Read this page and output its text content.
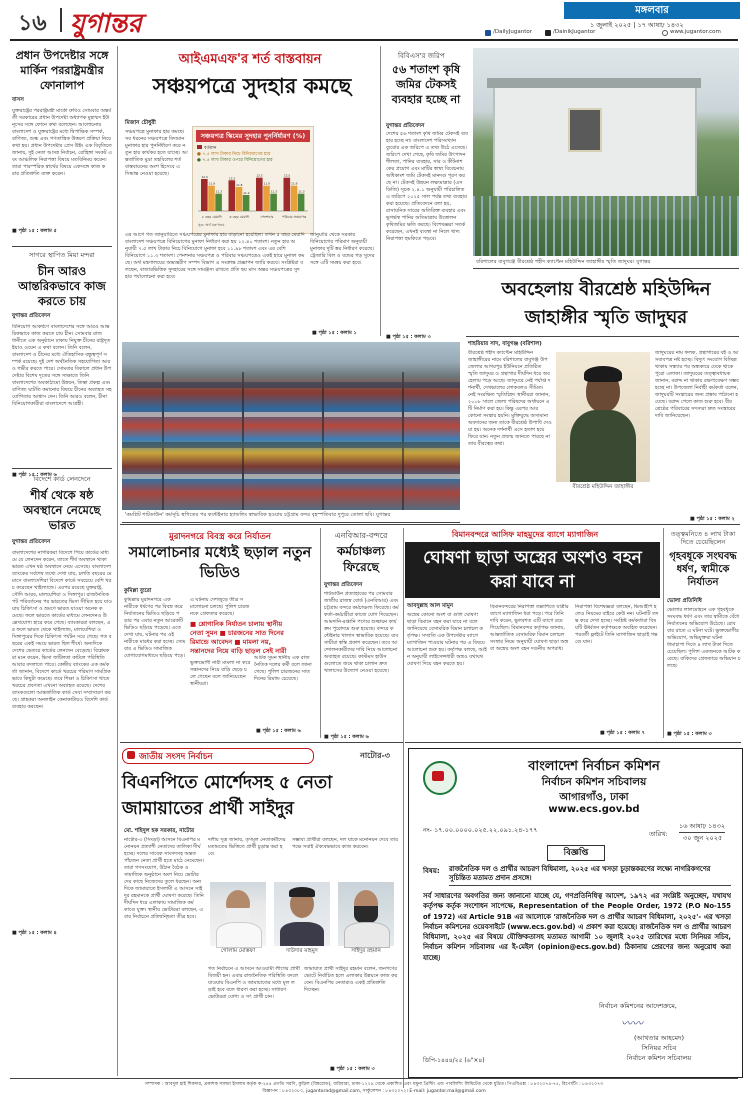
১৬ যুগান্তর	মঙ্গলবার
১ জুলাই ২০২৫ | ১৭ আষাঢ় ১৪৩২
/DailyJugantor	/DainikJugantor	www.jugantor.com
প্রধান উপদেষ্টার সঙ্গে মার্কিন পররাষ্ট্রমন্ত্রীর ফোনালাপ
বাসস
যুক্তরাষ্ট্রের পররাষ্ট্রমন্ত্রী মার্কো রুবিও সোমবার অন্তর্বর্তী সরকারের প্রধান উপদেষ্টা অধ্যাপক মুহাম্মদ ইউনূসের সঙ্গে ফোনে কথা বলেছেন। আলোচনায় বাংলাদেশ ও যুক্তরাষ্ট্রের মধ্যে দ্বিপাক্ষিক সম্পর্ক, বাণিজ্য, শুল্ক এবং গণতান্ত্রিক উত্তরণ প্রক্রিয়া নিয়ে কথা হয়। প্রধান উপদেষ্টার প্রেস উইং এক বিবৃতিতে জানায়, দুই নেতা আসন্ন নির্বাচন, রোহিঙ্গা সংকট এবং আঞ্চলিক নিরাপত্তা বিষয়ে মতবিনিময় করেন। তারা পারস্পরিক স্বার্থের বিষয়ে একসঙ্গে কাজ করার প্রতিশ্রুতি ব্যক্ত করেন।
■ পৃষ্ঠা ১৫ : কলাম ৫
সাগরে স্থাপিত মিয়া মন্দরা
চীন আরও আন্তরিকভাবে কাজ করতে চায়
যুগান্তর প্রতিবেদন
বিনিয়োগ আকর্ষণে বাংলাদেশের সঙ্গে আরও আন্তরিকভাবে কাজ করতে চায় চীন। সোমবার রাজধানীতে এক অনুষ্ঠানে ঢাকায় নিযুক্ত চীনের রাষ্ট্রদূত ইয়াও ওয়েন এ কথা বলেন। তিনি বলেন, বাংলাদেশ ও চীনের মধ্যে ঐতিহাসিক বন্ধুত্বপূর্ণ সম্পর্ক রয়েছে। দুই দেশ অর্থনৈতিক সহযোগিতা আরও গভীর করতে পারে। সোমবার বিকালে প্রধান উপদেষ্টার বিশেষ দূতের সঙ্গে সাক্ষাতে তিনি বাংলাদেশের অবকাঠামো উন্নয়ন, তিস্তা প্রকল্প এবং বাণিজ্য ঘাটতি কমানোর বিষয়ে চীনের অব্যাহত সহযোগিতার আশ্বাস দেন। তিনি আরও বলেন, চীনা বিনিয়োগকারীরা বাংলাদেশে আগ্রহী।
■ পৃষ্ঠা ১৫ : কলাম ৬
বিদেশে কার্ড লেনদেনে
শীর্ষ থেকে ষষ্ঠ অবস্থানে নেমেছে ভারত
যুগান্তর প্রতিবেদন
বাংলাদেশের নাগরিকরা বিদেশে গিয়ে কার্ডের মাধ্যমে যে লেনদেন করেন, তাতে শীর্ষ অবস্থানে থাকা ভারত এখন ষষ্ঠ অবস্থানে নেমে এসেছে। বাংলাদেশ ব্যাংকের সর্বশেষ তথ্যে দেখা যায়, চলতি বছরের মে মাসে বাংলাদেশিরা বিদেশে কার্ডে সবচেয়ে বেশি খরচ করেছেন থাইল্যান্ডে। এরপর রয়েছে যুক্তরাষ্ট্র, সৌদি আরব, মালয়েশিয়া ও সিঙ্গাপুর। রাজনৈতিক পট পরিবর্তনের পর ভারতের ভিসা সীমিত হয়ে যাওয়ায় চিকিৎসা ও ভ্রমণে ভারত যাওয়া অনেক কমেছে। ফলে ভারতে কার্ডের মাধ্যমে লেনদেনও উল্লেখযোগ্য হারে কমে গেছে। ব্যাংকাররা বলছেন, এর ফলে ভারত থেকে থাইল্যান্ড, মালয়েশিয়া ও সিঙ্গাপুরের দিকে চিকিৎসা পর্যটন সরে গেছে। গত বছরের একই সময়ে ভারত ছিল শীর্ষে। অন্যদিকে দেশের ভেতরে কার্ডের লেনদেন বেড়েছে। বিশ্লেষকরা মনে করেন, ভিসা জটিলতা কাটলে পরিস্থিতি আবার বদলাতে পারে। কেন্দ্রীয় ব্যাংকের এক কর্মকর্তা জানান, বিদেশে কার্ডে খরচের পরিমাণ সামগ্রিকভাবে কিছুটা কমেছে। তবে শিক্ষা ও চিকিৎসা খাতে খরচের প্রবণতা এখনো অব্যাহত রয়েছে। দেশের ব্যাংকগুলো আন্তর্জাতিক কার্ড সেবা সম্প্রসারণ করছে। গ্রাহকরা অনলাইন কেনাকাটায়ও বিদেশি কার্ড ব্যবহার করছেন।
■ পৃষ্ঠা ১৫ : কলাম ৪
আইএমএফ'র শর্ত বাস্তবায়ন
সঞ্চয়পত্রে সুদহার কমছে
মিজান চৌধুরী
সঞ্চয়পত্রে মুনাফার হার কমছে। সব ধরনের সঞ্চয়পত্রে বিদ্যমান মুনাফার হার পুনর্নির্ধারণ করে নতুন হার কার্যকর হতে যাচ্ছে। আন্তর্জাতিক মুদ্রা তহবিলের শর্ত বাস্তবায়নের অংশ হিসেবে এ সিদ্ধান্ত নেওয়া হয়েছে।
সঞ্চয়পত্র স্কিমের সুদহার পুনর্নির্ধারণ (%)
বর্তমান
● ৭.৫ লাখ টাকার নিচে বিনিয়োগের হার
● ৭.৫ লাখ টাকার ওপরে বিনিয়োগের হার
12.4
11.9
11.3
৫ বছর মেয়াদি
12.3
11.8
11.2
৩ বছর মেয়াদি
12.5
11.9
11.3
পেনশনার
12.5
11.9
11.3
পরিবার সঞ্চয়পত্র
সূত্র: অর্থ মন্ত্রণালয়
এর আগে গত জানুয়ারিতে সঞ্চয়পত্রের মুনাফার হার বাড়ানো হয়েছিল। তখন ৫ বছর মেয়াদি বাংলাদেশ সঞ্চয়পত্রে বিনিয়োগের মুনাফা নির্ধারণ করা হয় ১২.৪০ শতাংশ। নতুন হার অনুযায়ী ৭.৫ লাখ টাকার নিচে বিনিয়োগে মুনাফা হবে ১১.৯৮ শতাংশ এবং এর বেশি বিনিয়োগে ১১.৩ শতাংশ। পেনশনার সঞ্চয়পত্র ও পরিবার সঞ্চয়পত্রেও একই হারে মুনাফা কমছে। অর্থ মন্ত্রণালয়ের অভ্যন্তরীণ সম্পদ বিভাগ এ সংক্রান্ত প্রজ্ঞাপন জারি করবে। সংশ্লিষ্টরা বলছেন, বাজারভিত্তিক সুদহারের সঙ্গে সামঞ্জস্য রাখতে প্রতি ছয় মাস অন্তর সঞ্চয়পত্রের সুদহার পর্যালোচনা করা হবে।
জানুয়ারি থেকে সরকার বিনিয়োগের পরিমাণ অনুযায়ী মুনাফার দুটি স্তর নির্ধারণ করেছে। ট্রেজারি বিল ও বন্ডের গড় সুদের সঙ্গে এটি সমন্বয় করা হবে।
■ পৃষ্ঠা ১৫ : কলাম ১
'কমপ্লিট শাটডাউন' কর্মসূচি স্থগিতের পর কন্টেইনার হ্যান্ডলিং স্বাভাবিক হওয়ায় চট্টগ্রাম বন্দর বৃহস্পতিবার দুপুরে তোলা ছবি। যুগান্তর
বিবিএস'র জরিপ
৫৬ শতাংশ কৃষি জমির টেকসই ব্যবহার হচ্ছে না
যুগান্তর প্রতিবেদন
দেশের ৫৬ শতাংশ কৃষি জমির টেকসই ব্যবহার হচ্ছে না। বাংলাদেশ পরিসংখ্যান ব্যুরোর এক জরিপে এ তথ্য উঠে এসেছে। জরিপে দেখা গেছে, কৃষি জমির উৎপাদনশীলতা, পানির ব্যবহার, সার ও কীটনাশকের প্রয়োগ এবং মাটির স্বাস্থ্য বিবেচনায় অধিকাংশ জমি টেকসই মানদণ্ড পূরণ করছে না। টেকসই উন্নয়ন লক্ষ্যমাত্রার (এসডিজি) সূচক ২.৪.১ অনুযায়ী পরিচালিত এ জরিপে ২০২৫ সাল পর্যন্ত তথ্য ব্যবহার করা হয়েছে। প্রতিবেদনে বলা হয়, রাসায়নিক সারের অতিরিক্ত ব্যবহার এবং ভূগর্ভস্থ পানির অতিমাত্রায় উত্তোলন কৃষিজমির ক্ষতি করছে। বিশেষজ্ঞরা সতর্ক করেছেন, এখনই ব্যবস্থা না নিলে খাদ্য নিরাপত্তা হুমকিতে পড়বে।
■ পৃষ্ঠা ১৫ : কলাম ৩
বরিশালের বাবুগঞ্জে বীরশ্রেষ্ঠ শহীদ ক্যাপ্টেন মহিউদ্দিন জাহাঙ্গীর স্মৃতি জাদুঘর। যুগান্তর
অবহেলায় বীরশ্রেষ্ঠ মহিউদ্দিন জাহাঙ্গীর স্মৃতি জাদুঘর
শাহরিয়ার সাদ, বাবুগঞ্জ (বরিশাল)
বীরশ্রেষ্ঠ শহীদ ক্যাপ্টেন মহিউদ্দিন জাহাঙ্গীরের নামে বরিশালের বাবুগঞ্জ উপজেলার আগরপুর ইউনিয়নে প্রতিষ্ঠিত স্মৃতি জাদুঘর ও গ্রন্থাগার দীর্ঘদিন ধরে অবহেলায় পড়ে আছে। জাদুঘরে নেই পর্যাপ্ত দর্শনার্থী, দেখভালের লোকবলও সীমিত। নেই সংরক্ষিত স্মৃতিচিহ্ন। স্থানীয়রা জানান, ২০০৮ সালে জেলা পরিষদের অর্থায়নে এটি নির্মাণ করা হয়। কিন্তু এরপর আর কোনো সংস্কার হয়নি। মুক্তিযুদ্ধে অসামান্য অবদানের জন্য তাকে বীরশ্রেষ্ঠ উপাধি দেওয়া হয়। অনেক দর্শনার্থী এসে হতাশ হয়ে ফিরে যান। নতুন প্রজন্ম জানতে পারছে না তার বীরত্বের কথা।
বীরশ্রেষ্ঠ মহিউদ্দিন জাহাঙ্গীর
জাদুঘরের নাম ফলক, গ্রন্থাগারের বই ও আসবাবপত্র নষ্ট হচ্ছে। বিদ্যুৎ সংযোগ বিচ্ছিন্ন থাকায় সন্ধ্যার পর অন্ধকারে ঢেকে থাকে পুরো এলাকা। জাদুঘরের তত্ত্বাবধায়ক জানান, বরাদ্দ না থাকায় রক্ষণাবেক্ষণ সম্ভব হচ্ছে না। উপজেলা নির্বাহী কর্মকর্তা বলেন, জাদুঘরটি সংস্কারের জন্য প্রস্তাব পাঠানো হয়েছে। বরাদ্দ পেলে কাজ শুরু হবে। বীরশ্রেষ্ঠের পরিবারের সদস্যরা দ্রুত সংস্কারের দাবি জানিয়েছেন।
■ পৃষ্ঠা ১৫ : কলাম ২
মুরাদনগরে বিবস্ত্র করে নির্যাতন
সমালোচনার মধ্যেই ছড়াল নতুন ভিডিও
কুমিল্লা ব্যুরো
কুমিল্লার মুরাদনগরে এক নারীকে ধর্ষণের পর বিবস্ত্র করে নির্যাতনের ভিডিও ছড়িয়ে পড়ার পর এবার নতুন আরেকটি ভিডিও ছড়িয়ে পড়েছে। এতে দেখা যায়, ঘটনার পর ওই নারীকে মারধর করা হচ্ছে। সোমবার এ ভিডিও সামাজিক যোগাযোগমাধ্যমে ছড়িয়ে পড়ে।
এ ঘটনায় দেশজুড়ে তীব্র সমালোচনা চলছে। পুলিশ চারজনকে গ্রেফতার করেছে।
■ শ্লোগানিক নির্যাতন চালায় স্থানীয়
নেতা সুমন ■ চারজনের সাত দিনের
রিমান্ডে আবেদন ■ মামলা নয়,
সন্তানদের নিয়ে বাড়ি ছাড়ল সেই নারী
আটক সুমন স্থানীয় এক রাজনৈতিক দলের কর্মী বলে জানা গেছে। পুলিশ চারজনের সাত দিনের রিমান্ড চেয়েছে।
ভুক্তভোগী নারী মামলা না করে সন্তানদের নিয়ে বাড়ি ছেড়ে চলে গেছেন বলে জানিয়েছেন স্থানীয়রা।
■ পৃষ্ঠা ১৫ : কলাম ৬
এনবিআর-বন্দরে
কর্মচাঞ্চল্য ফিরেছে
যুগান্তর প্রতিবেদন
শাটডাউন প্রত্যাহারের পর সোমবার জাতীয় রাজস্ব বোর্ড (এনবিআর) এবং চট্টগ্রাম বন্দরে কর্মচাঞ্চল্য ফিরেছে। কর্মকর্তা-কর্মচারীরা কাজে যোগ দিয়েছেন। আমদানি-রপ্তানি পণ্যের শুল্কায়ন কার্যক্রম পুরোদমে শুরু হয়েছে। বন্দরে কন্টেইনার খালাস স্বাভাবিক হয়েছে। ব্যবসায়ীরা স্বস্তি প্রকাশ করেছেন। তবে আন্দোলনকারীদের দাবি নিয়ে আলোচনা অব্যাহত রয়েছে। কাস্টমস হাউসগুলোতে জমে থাকা চালান দ্রুত খালাসের উদ্যোগ নেওয়া হয়েছে।
■ পৃষ্ঠা ১৫ : কলাম ৬
বিমানবন্দরে আসিফ মাহমুদের ব্যাগে ম্যাগাজিন
ঘোষণা ছাড়া অস্ত্রের অংশও বহন করা যাবে না
আবদুল্লাহ আল মামুন
অস্ত্রের কোনো অংশ বা গুলি ঘোষণা ছাড়া বিমানে বহন করা যাবে না বলে জানিয়েছে বেসামরিক বিমান চলাচল কর্তৃপক্ষ। সম্প্রতি এক উপদেষ্টার ব্যাগে ম্যাগাজিন পাওয়ার ঘটনার পর এ বিষয়ে আলোচনা শুরু হয়। কর্তৃপক্ষ বলছে, আইন অনুযায়ী লাইসেন্সধারী অস্ত্রও যথাযথ ঘোষণা দিয়ে বহন করতে হয়।
বিমানবন্দরের নিরাপত্তা তল্লাশিতে যাত্রীর ব্যাগে ম্যাগাজিন ধরা পড়ে। পরে তিনি দাবি করেন, ভুলবশত এটি ব্যাগে রয়ে গিয়েছিল। বিমানবন্দর কর্তৃপক্ষ জানায়, আন্তর্জাতিক বেসামরিক বিমান চলাচল সংস্থার নিয়ম অনুযায়ী ঘোষণা ছাড়া অস্ত্র বা অস্ত্রের অংশ বহন দণ্ডনীয় অপরাধ।
নিরাপত্তা বিশেষজ্ঞরা বলছেন, ভিআইপি হলেও নিয়মের বাইরে কেউ নন। ঘটনাটি তদন্ত করে দেখা হচ্ছে। সংশ্লিষ্ট কর্মকর্তারা বিষয়টি ঊর্ধ্বতন কর্তৃপক্ষকে অবহিত করেছেন। পরবর্তী ফ্লাইটে তিনি ম্যাগাজিন ছাড়াই গন্তব্যে যান।
■ পৃষ্ঠা ১৫ : কলাম ৭
তত্ত্বমনিতে ৪ লাখ টাকা দিতে চেয়েছিলেন
গৃহবধূকে সংঘবদ্ধ ধর্ষণ, স্বামীকে নির্যাতন
ভোলা প্রতিনিধি
ভোলার লালমোহনে এক গৃহবধূকে সংঘবদ্ধ ধর্ষণ এবং তার স্বামীকে বেঁধে নির্যাতনের অভিযোগ উঠেছে। রোববার রাতে এ ঘটনা ঘটে। ভুক্তভোগীর অভিযোগ, অভিযুক্তরা ঘটনা ধামাচাপা দিতে ৪ লাখ টাকা দিতে চেয়েছিল। পুলিশ একজনকে আটক করেছে। বাকিদের গ্রেফতারে অভিযান চলছে।
■ পৃষ্ঠা ১৫ : কলাম ৩
জাতীয় সংসদ নির্বাচন	নাটোর-৩
বিএনপিতে মোর্শেদসহ ৫ নেতা জামায়াতের প্রার্থী সাইদুর
মো. শহিদুল হক সরকার, নাটোর
নাটোর-৩ (সিংড়া) আসনে বিএনপির মনোনয়ন প্রত্যাশী নেতাদের তালিকা দীর্ঘ হচ্ছে। দলের সাবেক সাংসদসহ অন্তত পাঁচজন নেতা প্রার্থী হতে মাঠে নেমেছেন। তারা গণসংযোগ, উঠান বৈঠক ও সামাজিক অনুষ্ঠানে অংশ নিয়ে ভোটারদের কাছে নিজেদের তুলে ধরছেন। অন্যদিকে জামায়াতে ইসলামী এ আসনে সাইদুর রহমানকে প্রার্থী ঘোষণা করেছে। তিনি দীর্ঘদিন ধরে এলাকায় সামাজিক কর্মকাণ্ডে যুক্ত। স্থানীয় ভোটাররা বলছেন, এবার নির্বাচনে প্রতিদ্বন্দ্বিতা তীব্র হবে।
দলীয় সূত্র জানায়, তৃণমূল নেতাকর্মীদের মতামতের ভিত্তিতে প্রার্থী চূড়ান্ত করা হবে।
সম্ভাব্য প্রার্থীরা বলছেন, দল যাকে মনোনয়ন দেবে তার পক্ষে সবাই ঐক্যবদ্ধভাবে কাজ করবেন।
গোলাম মোস্তফা	দাউদার মাহমুদ	সাইদুর রহমান
গত নির্বাচনে এ আসনে আওয়ামী লীগের প্রার্থী বিজয়ী হন। এবার রাজনৈতিক পরিস্থিতি বদলে যাওয়ায় বিএনপি ও জামায়াতের মধ্যে মূল লড়াই হবে বলে ধারণা করা হচ্ছে। সাধারণ ভোটাররা যোগ্য ও সৎ প্রার্থী চান।
জামায়াত প্রার্থী সাইদুর রহমান বলেন, জনগণের ভোটে নির্বাচিত হলে এলাকার উন্নয়নে কাজ করবেন। বিএনপির নেতারাও একই প্রতিশ্রুতি দিচ্ছেন।
■ পৃষ্ঠা ১৫ : কলাম ৩
বাংলাদেশ নির্বাচন কমিশন
নির্বাচন কমিশন সচিবালয়
আগারগাঁও, ঢাকা
www.ecs.gov.bd
নং- ১৭.০০.০০০০.০২৫.২২.০৯১.২৪-১৭৭	তারিখ:
১৬ আষাঢ় ১৪৩২
৩০ জুন ২০২৫
বিজ্ঞপ্তি
বিষয়: রাজনৈতিক দল ও প্রার্থীর আচরণ বিধিমালা, ২০২৫ এর খসড়া চূড়ান্তকরণের লক্ষ্যে নাগরিকগণের সুচিন্তিত মতামত প্রদান প্রসঙ্গে।
সর্ব সাধারণের অবগতির জন্য জানানো যাচ্ছে যে, গণপ্রতিনিধিত্ব আদেশ, ১৯৭২ এর সংশ্লিষ্ট অনুচ্ছেদ, যথাযথ কর্তৃপক্ষ কর্তৃক সংশোধন সাপেক্ষে, Representation of the People Order, 1972 (P.O No-155 of 1972) এর Article 91B এর আলোকে 'রাজনৈতিক দল ও প্রার্থীর আচরণ বিধিমালা, ২০২৫'- এর খসড়া নির্বাচন কমিশনের ওয়েবসাইটে (www.ecs.gov.bd) এ প্রকাশ করা হয়েছে। রাজনৈতিক দল ও প্রার্থীর আচরণ বিধিমালা, ২০২৫ এর বিষয়ে যৌক্তিকতাসহ মতামত আগামী ১০ জুলাই ২০২৫ তারিখের মধ্যে সিনিয়র সচিব, নির্বাচন কমিশন সচিবালয় এর ই-মেইল (opinion@ecs.gov.bd) ঠিকানায় প্রেরণের জন্য অনুরোধ করা যাচ্ছে।
নির্বাচন কমিশনের আদেশক্রমে,
〰〰
(আখতার আহমেদ)
সিনিয়র সচিব
নির্বাচন কমিশন সচিবালয়
ডিপি-১৪৪৪/২৫ (৬"×৪)
সম্পাদক : আবদুল হাই শিকদার, প্রকাশক সালমা ইসলাম কর্তৃক ক-২৪৪ প্রগতি সরণি, কুড়িল (বিশ্বরোড), বারিধারা, ঢাকা-১২২৯ থেকে প্রকাশিত এবং যমুনা প্রিন্টিং এন্ড পাবলিশিং লিমিটেড থেকে মুদ্রিত। পিএবিএক্স : ৮৪৩২০৭৪-৭৫, রিপোর্টিং : ৮৪৩২০৭৩
বিজ্ঞাপন : ৮৪৩২০৮০, jugantorad@gmail.com, সার্কুলেশন : ৮৪৩২০৭২। E-mail: jugantor.mail@gmail.com
